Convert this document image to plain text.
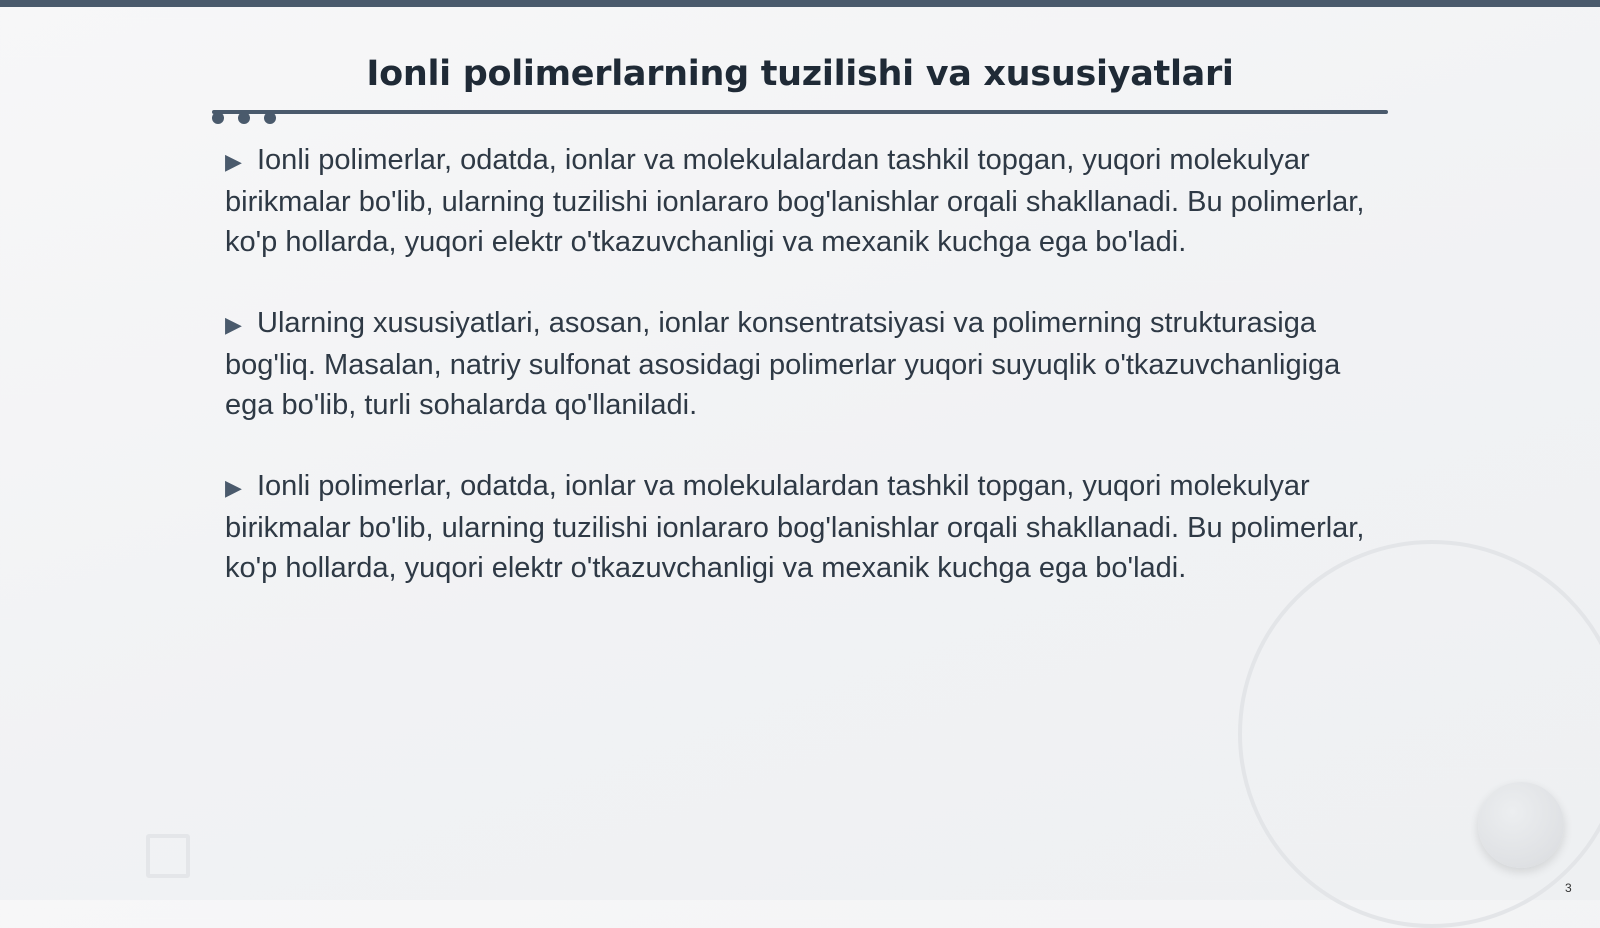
Ionli polimerlarning tuzilishi va xususiyatlari

▶ Ionli polimerlar, odatda, ionlar va molekulalardan tashkil topgan, yuqori molekulyar birikmalar bo'lib, ularning tuzilishi ionlararo bog'lanishlar orqali shakllanadi. Bu polimerlar, ko'p hollarda, yuqori elektr o'tkazuvchanligi va mexanik kuchga ega bo'ladi.

▶ Ularning xususiyatlari, asosan, ionlar konsentratsiyasi va polimerning strukturasiga bog'liq. Masalan, natriy sulfonat asosidagi polimerlar yuqori suyuqlik o'tkazuvchanligiga ega bo'lib, turli sohalarda qo'llaniladi.

▶ Ionli polimerlar, odatda, ionlar va molekulalardan tashkil topgan, yuqori molekulyar birikmalar bo'lib, ularning tuzilishi ionlararo bog'lanishlar orqali shakllanadi. Bu polimerlar, ko'p hollarda, yuqori elektr o'tkazuvchanligi va mexanik kuchga ega bo'ladi.

3
